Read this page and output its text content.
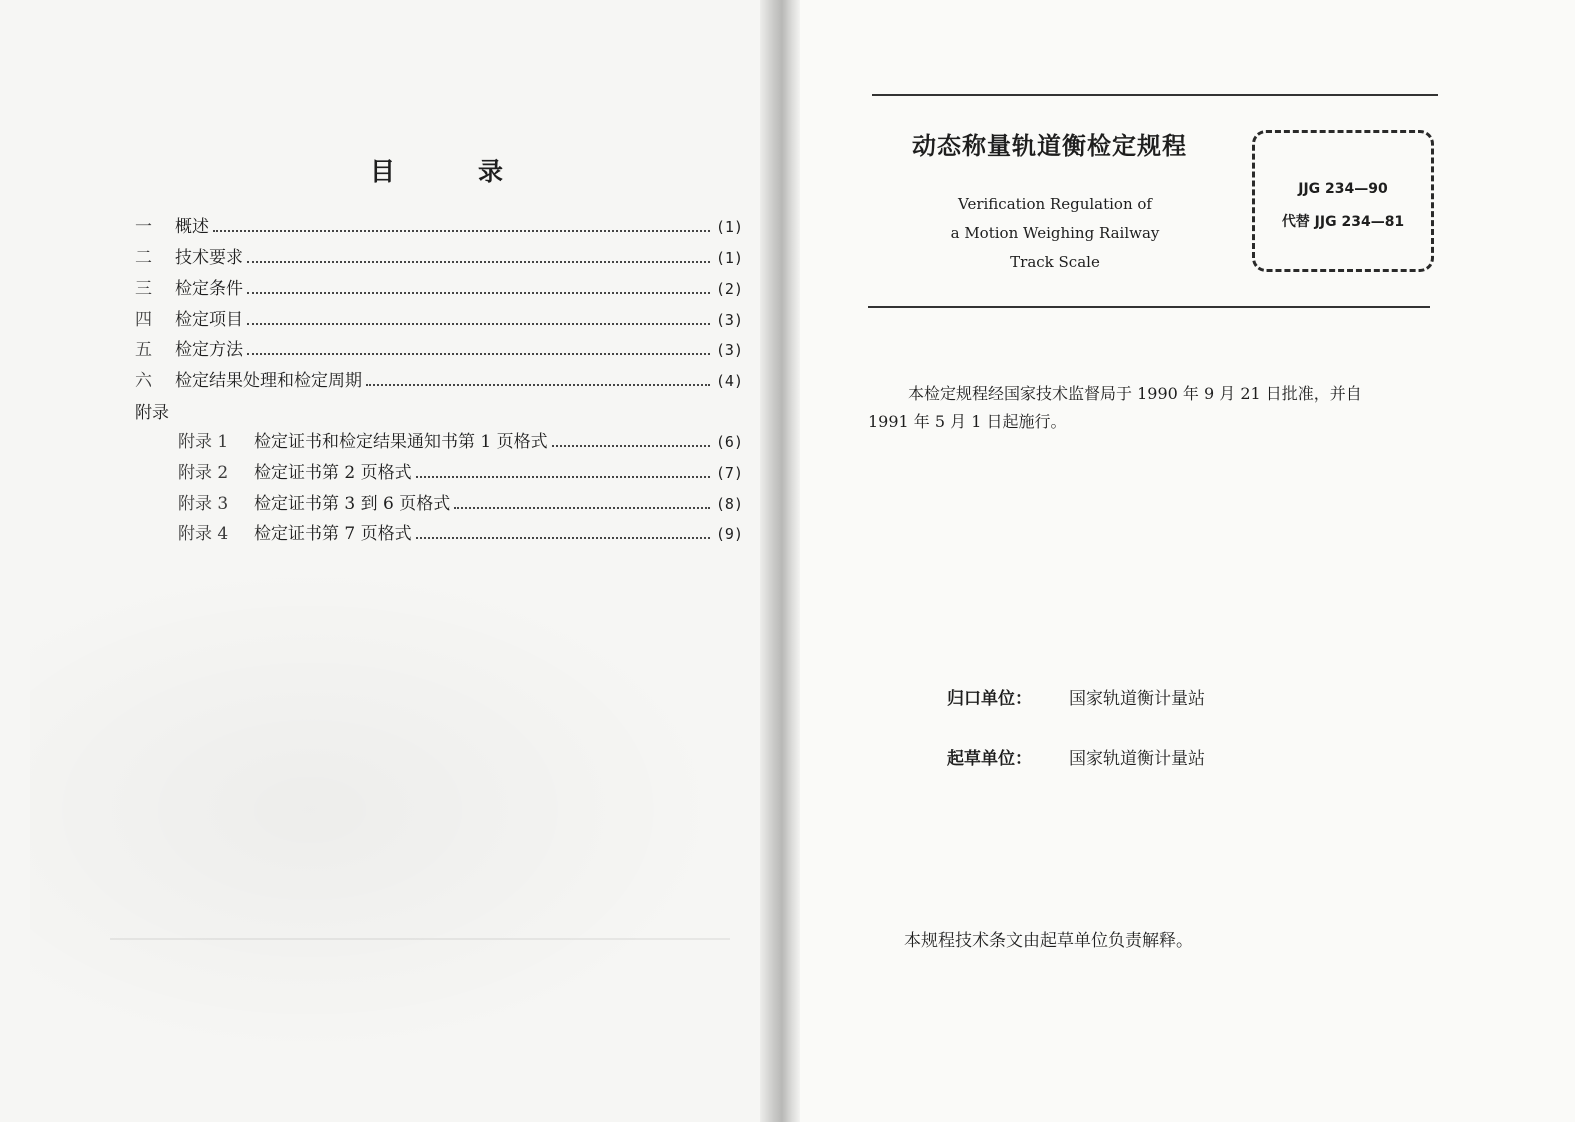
目	录
一	概述	(1)
二	技术要求	(1)
三	检定条件	(2)
四	检定项目	(3)
五	检定方法	(3)
六	检定结果处理和检定周期	(4)
附录
附录 1	检定证书和检定结果通知书第 1 页格式	(6)
附录 2	检定证书第 2 页格式	(7)
附录 3	检定证书第 3 到 6 页格式	(8)
附录 4	检定证书第 7 页格式	(9)
动态称量轨道衡检定规程
Verification Regulation of
a Motion Weighing Railway
Track Scale
JJG 234—90
代替 JJG 234—81
本检定规程经国家技术监督局于 1990 年 9 月 21 日批准，并自
1991 年 5 月 1 日起施行。
归口单位： 国家轨道衡计量站
起草单位： 国家轨道衡计量站
本规程技术条文由起草单位负责解释。
